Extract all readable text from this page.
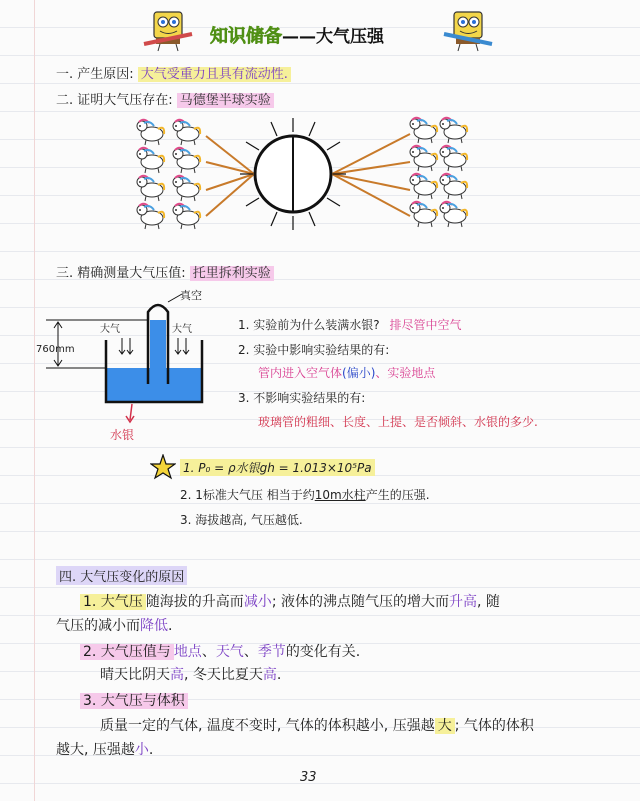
知识储备——大气压强
一. 产生原因: 大气受重力且具有流动性.
二. 证明大气压存在: 马德堡半球实验
三. 精确测量大气压值: 托里拆利实验
真空
大气	大气
760mm
水银
1. 实验前为什么装满水银? 排尽管中空气
2. 实验中影响实验结果的有:
管内进入空气体(偏小)、实验地点
3. 不影响实验结果的有:
玻璃管的粗细、长度、上提、是否倾斜、水银的多少.
1. P₀ = ρ水银gh = 1.013×10⁵Pa
2. 1标准大气压 相当于约10m水柱产生的压强.
3. 海拔越高, 气压越低.
四. 大气压变化的原因
1. 大气压 随海拔的升高而减小; 液体的沸点随气压的增大而升高, 随
气压的减小而降低.
2. 大气压值与 地点、天气、季节的变化有关.
晴天比阴天高, 冬天比夏天高.
3. 大气压与体积
质量一定的气体, 温度不变时, 气体的体积越小, 压强越 大 ; 气体的体积
越大, 压强越小.
33
